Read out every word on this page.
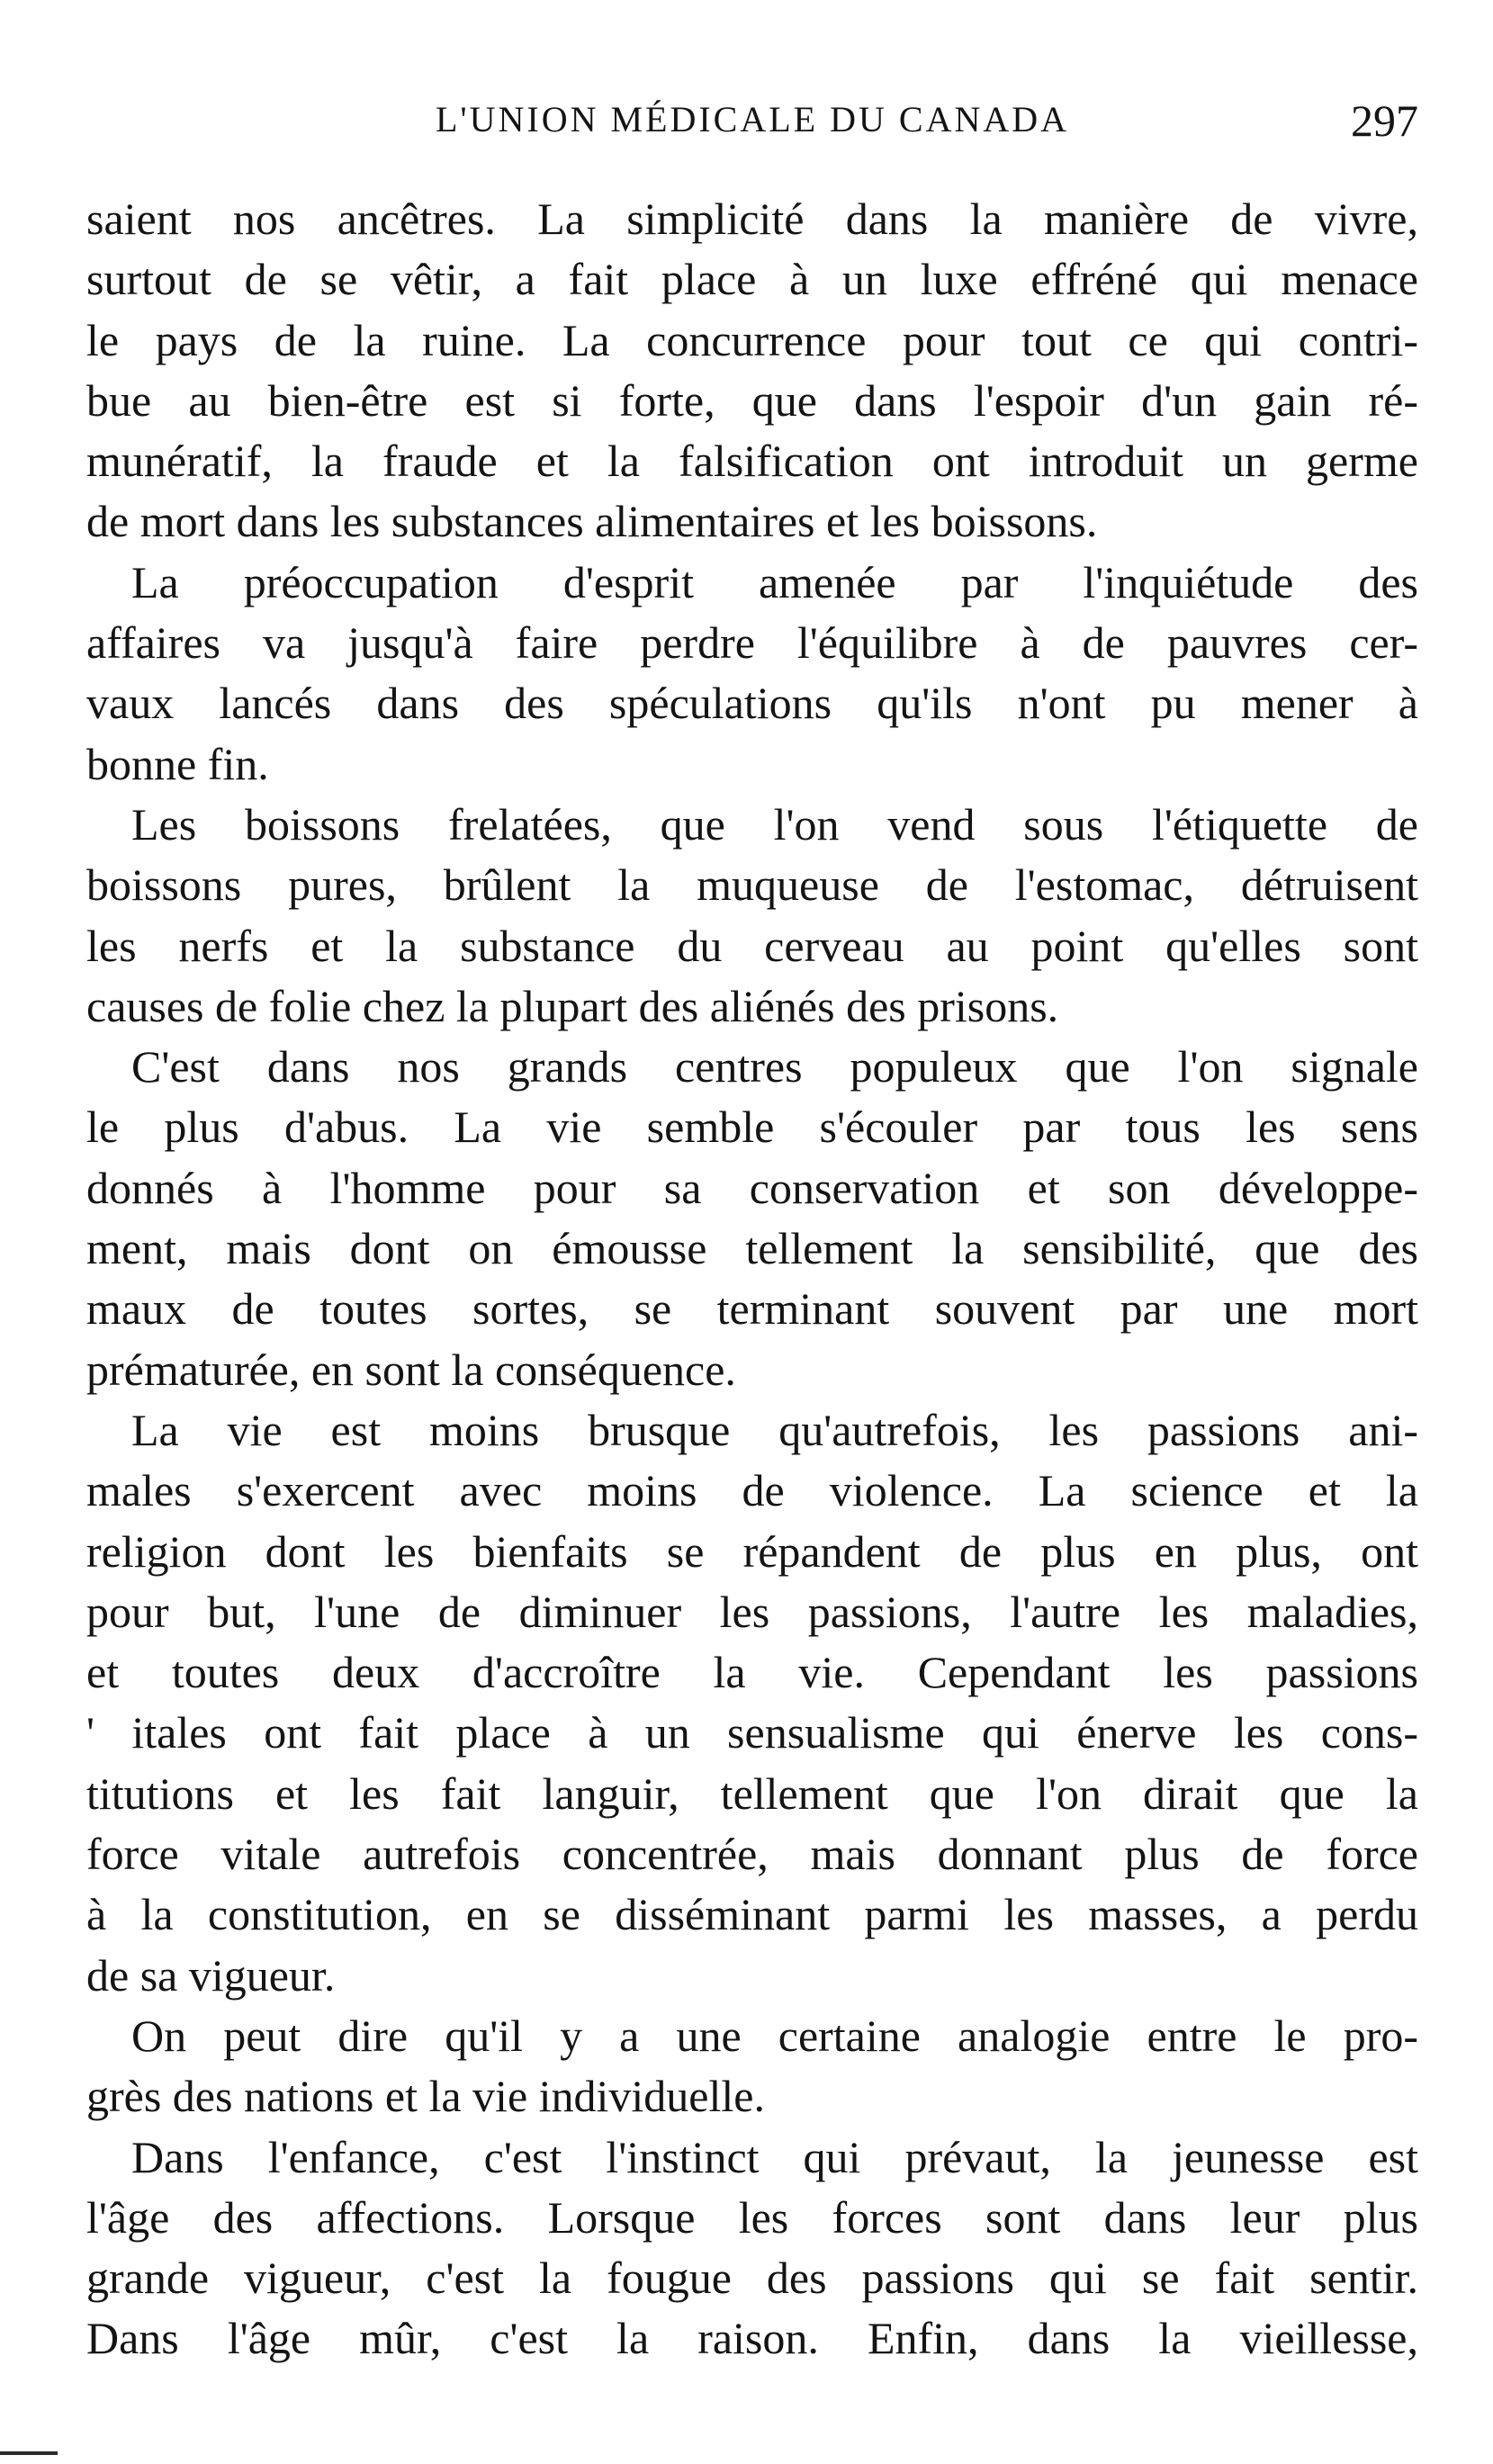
L'UNION MÉDICALE DU CANADA	297
saient nos ancêtres. La simplicité dans la manière de vivre,
surtout de se vêtir, a fait place à un luxe effréné qui menace
le pays de la ruine. La concurrence pour tout ce qui contri-
bue au bien-être est si forte, que dans l'espoir d'un gain ré-
munératif, la fraude et la falsification ont introduit un germe
de mort dans les substances alimentaires et les boissons.
La préoccupation d'esprit amenée par l'inquiétude des
affaires va jusqu'à faire perdre l'équilibre à de pauvres cer-
vaux lancés dans des spéculations qu'ils n'ont pu mener à
bonne fin.
Les boissons frelatées, que l'on vend sous l'étiquette de
boissons pures, brûlent la muqueuse de l'estomac, détruisent
les nerfs et la substance du cerveau au point qu'elles sont
causes de folie chez la plupart des aliénés des prisons.
C'est dans nos grands centres populeux que l'on signale
le plus d'abus. La vie semble s'écouler par tous les sens
donnés à l'homme pour sa conservation et son développe-
ment, mais dont on émousse tellement la sensibilité, que des
maux de toutes sortes, se terminant souvent par une mort
prématurée, en sont la conséquence.
La vie est moins brusque qu'autrefois, les passions ani-
males s'exercent avec moins de violence. La science et la
religion dont les bienfaits se répandent de plus en plus, ont
pour but, l'une de diminuer les passions, l'autre les maladies,
et toutes deux d'accroître la vie. Cependant les passions
' itales ont fait place à un sensualisme qui énerve les cons-
titutions et les fait languir, tellement que l'on dirait que la
force vitale autrefois concentrée, mais donnant plus de force
à la constitution, en se disséminant parmi les masses, a perdu
de sa vigueur.
On peut dire qu'il y a une certaine analogie entre le pro-
grès des nations et la vie individuelle.
Dans l'enfance, c'est l'instinct qui prévaut, la jeunesse est
l'âge des affections. Lorsque les forces sont dans leur plus
grande vigueur, c'est la fougue des passions qui se fait sentir.
Dans l'âge mûr, c'est la raison. Enfin, dans la vieillesse,
